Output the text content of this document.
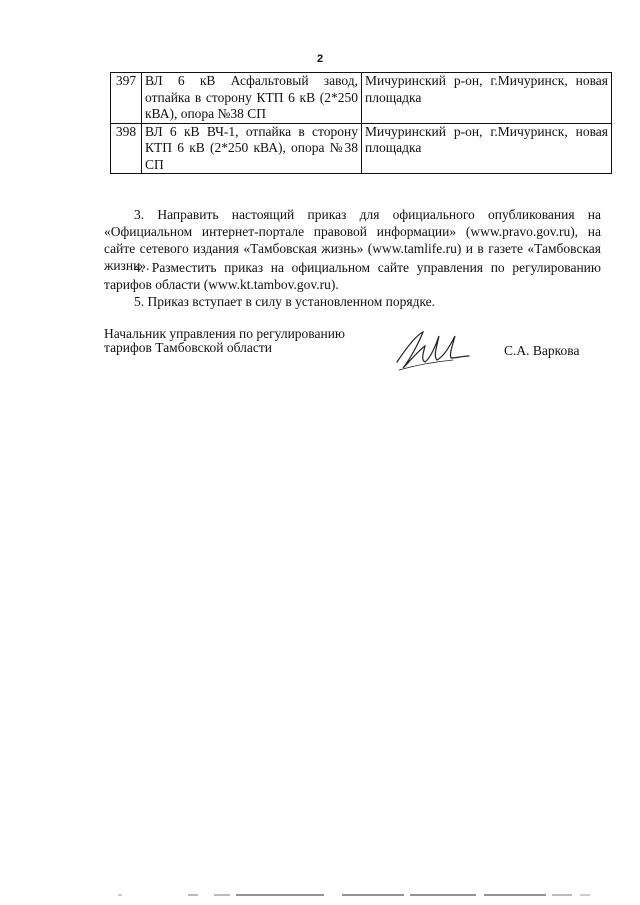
2
397	ВЛ 6 кВ Асфальтовый завод, отпайка в сторону КТП 6 кВ (2*250 кВА), опора №38 СП	Мичуринский р-он, г.Мичуринск, новая площадка
398	ВЛ 6 кВ ВЧ-1, отпайка в сторону КТП 6 кВ (2*250 кВА), опора №38 СП	Мичуринский р-он, г.Мичуринск, новая площадка
3. Направить настоящий приказ для официального опубликования на «Официальном интернет-портале правовой информации» (www.pravo.gov.ru), на сайте сетевого издания «Тамбовская жизнь» (www.tamlife.ru) и в газете «Тамбовская жизнь».
4. Разместить приказ на официальном сайте управления по регулированию тарифов области (www.kt.tambov.gov.ru).
5. Приказ вступает в силу в установленном порядке.
Начальник управления по регулированию
тарифов Тамбовской области	С.А. Варкова
